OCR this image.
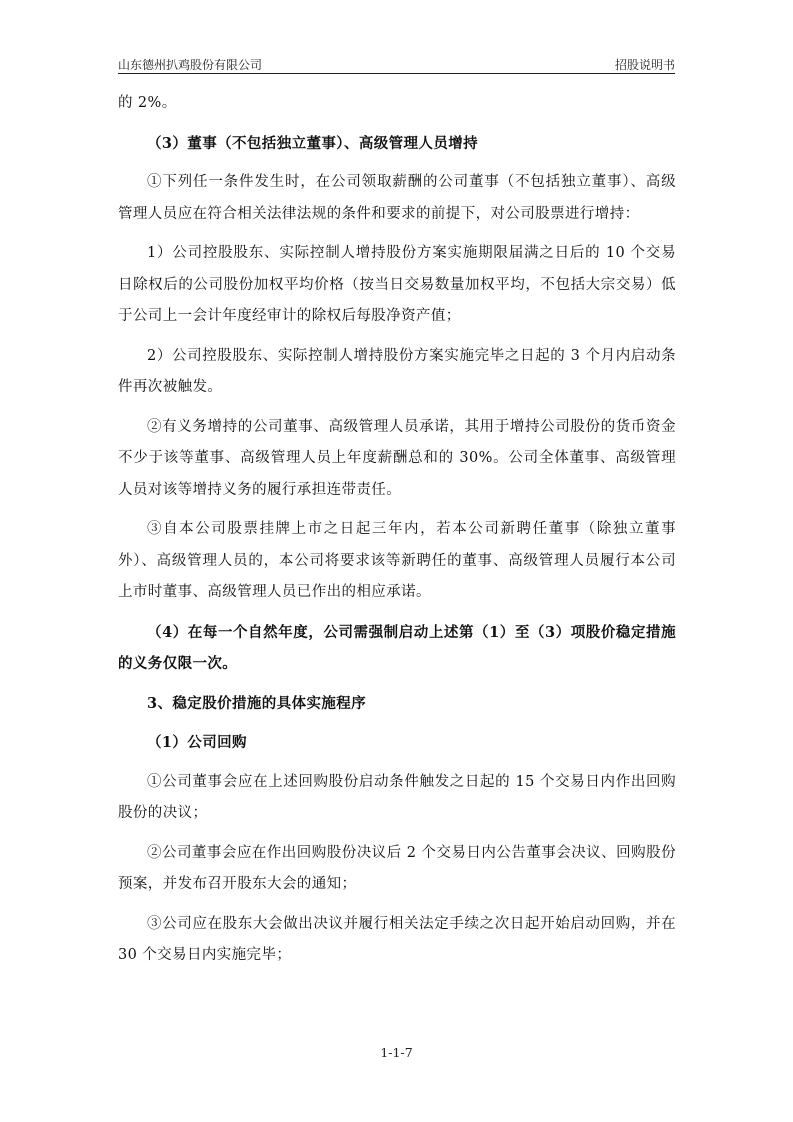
山东德州扒鸡股份有限公司	招股说明书

的 2%。

（3）董事（不包括独立董事）、高级管理人员增持

①下列任一条件发生时，在公司领取薪酬的公司董事（不包括独立董事）、高级管理人员应在符合相关法律法规的条件和要求的前提下，对公司股票进行增持：

1）公司控股股东、实际控制人增持股份方案实施期限届满之日后的 10 个交易日除权后的公司股份加权平均价格（按当日交易数量加权平均，不包括大宗交易）低于公司上一会计年度经审计的除权后每股净资产值；

2）公司控股股东、实际控制人增持股份方案实施完毕之日起的 3 个月内启动条件再次被触发。

②有义务增持的公司董事、高级管理人员承诺，其用于增持公司股份的货币资金不少于该等董事、高级管理人员上年度薪酬总和的 30%。公司全体董事、高级管理人员对该等增持义务的履行承担连带责任。

③自本公司股票挂牌上市之日起三年内，若本公司新聘任董事（除独立董事外）、高级管理人员的，本公司将要求该等新聘任的董事、高级管理人员履行本公司上市时董事、高级管理人员已作出的相应承诺。

（4）在每一个自然年度，公司需强制启动上述第（1）至（3）项股价稳定措施的义务仅限一次。

3、稳定股价措施的具体实施程序

（1）公司回购

①公司董事会应在上述回购股份启动条件触发之日起的 15 个交易日内作出回购股份的决议；

②公司董事会应在作出回购股份决议后 2 个交易日内公告董事会决议、回购股份预案，并发布召开股东大会的通知；

③公司应在股东大会做出决议并履行相关法定手续之次日起开始启动回购，并在 30 个交易日内实施完毕；

1-1-7
